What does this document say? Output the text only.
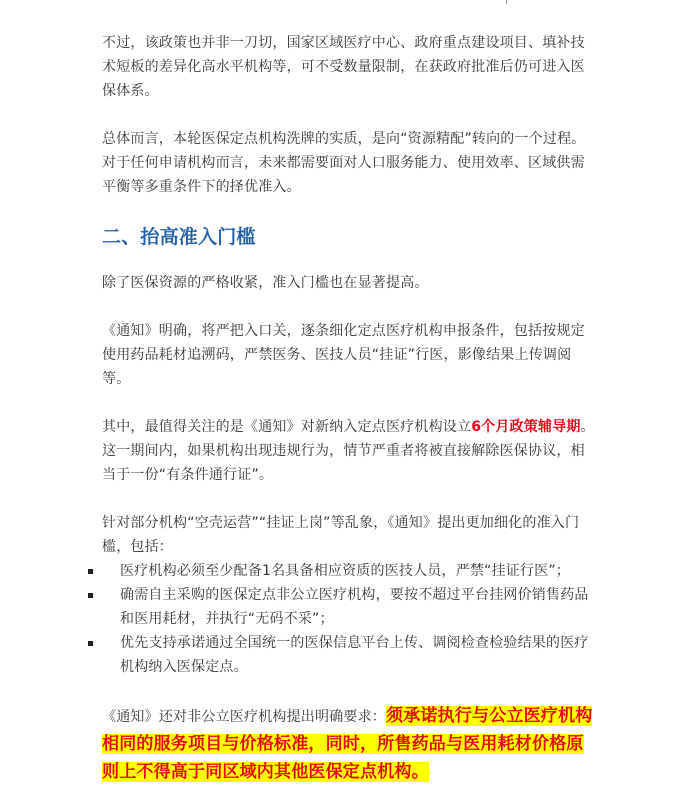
不过，该政策也并非一刀切，国家区域医疗中心、政府重点建设项目、填补技术短板的差异化高水平机构等，可不受数量限制，在获政府批准后仍可进入医保体系。

总体而言，本轮医保定点机构洗牌的实质，是向“资源精配”转向的一个过程。对于任何申请机构而言，未来都需要面对人口服务能力、使用效率、区域供需平衡等多重条件下的择优准入。

二、抬高准入门槛

除了医保资源的严格收紧，准入门槛也在显著提高。

《通知》明确，将严把入口关，逐条细化定点医疗机构申报条件，包括按规定使用药品耗材追溯码，严禁医务、医技人员“挂证”行医，影像结果上传调阅等。

其中，最值得关注的是《通知》对新纳入定点医疗机构设立6个月政策辅导期。这一期间内，如果机构出现违规行为，情节严重者将被直接解除医保协议，相当于一份“有条件通行证”。

针对部分机构“空壳运营”“挂证上岗”等乱象，《通知》提出更加细化的准入门槛，包括：

医疗机构必须至少配备1名具备相应资质的医技人员，严禁“挂证行医”；
确需自主采购的医保定点非公立医疗机构，要按不超过平台挂网价销售药品和医用耗材，并执行“无码不采”；
优先支持承诺通过全国统一的医保信息平台上传、调阅检查检验结果的医疗机构纳入医保定点。

《通知》还对非公立医疗机构提出明确要求：须承诺执行与公立医疗机构相同的服务项目与价格标准，同时，所售药品与医用耗材价格原则上不得高于同区域内其他医保定点机构。
